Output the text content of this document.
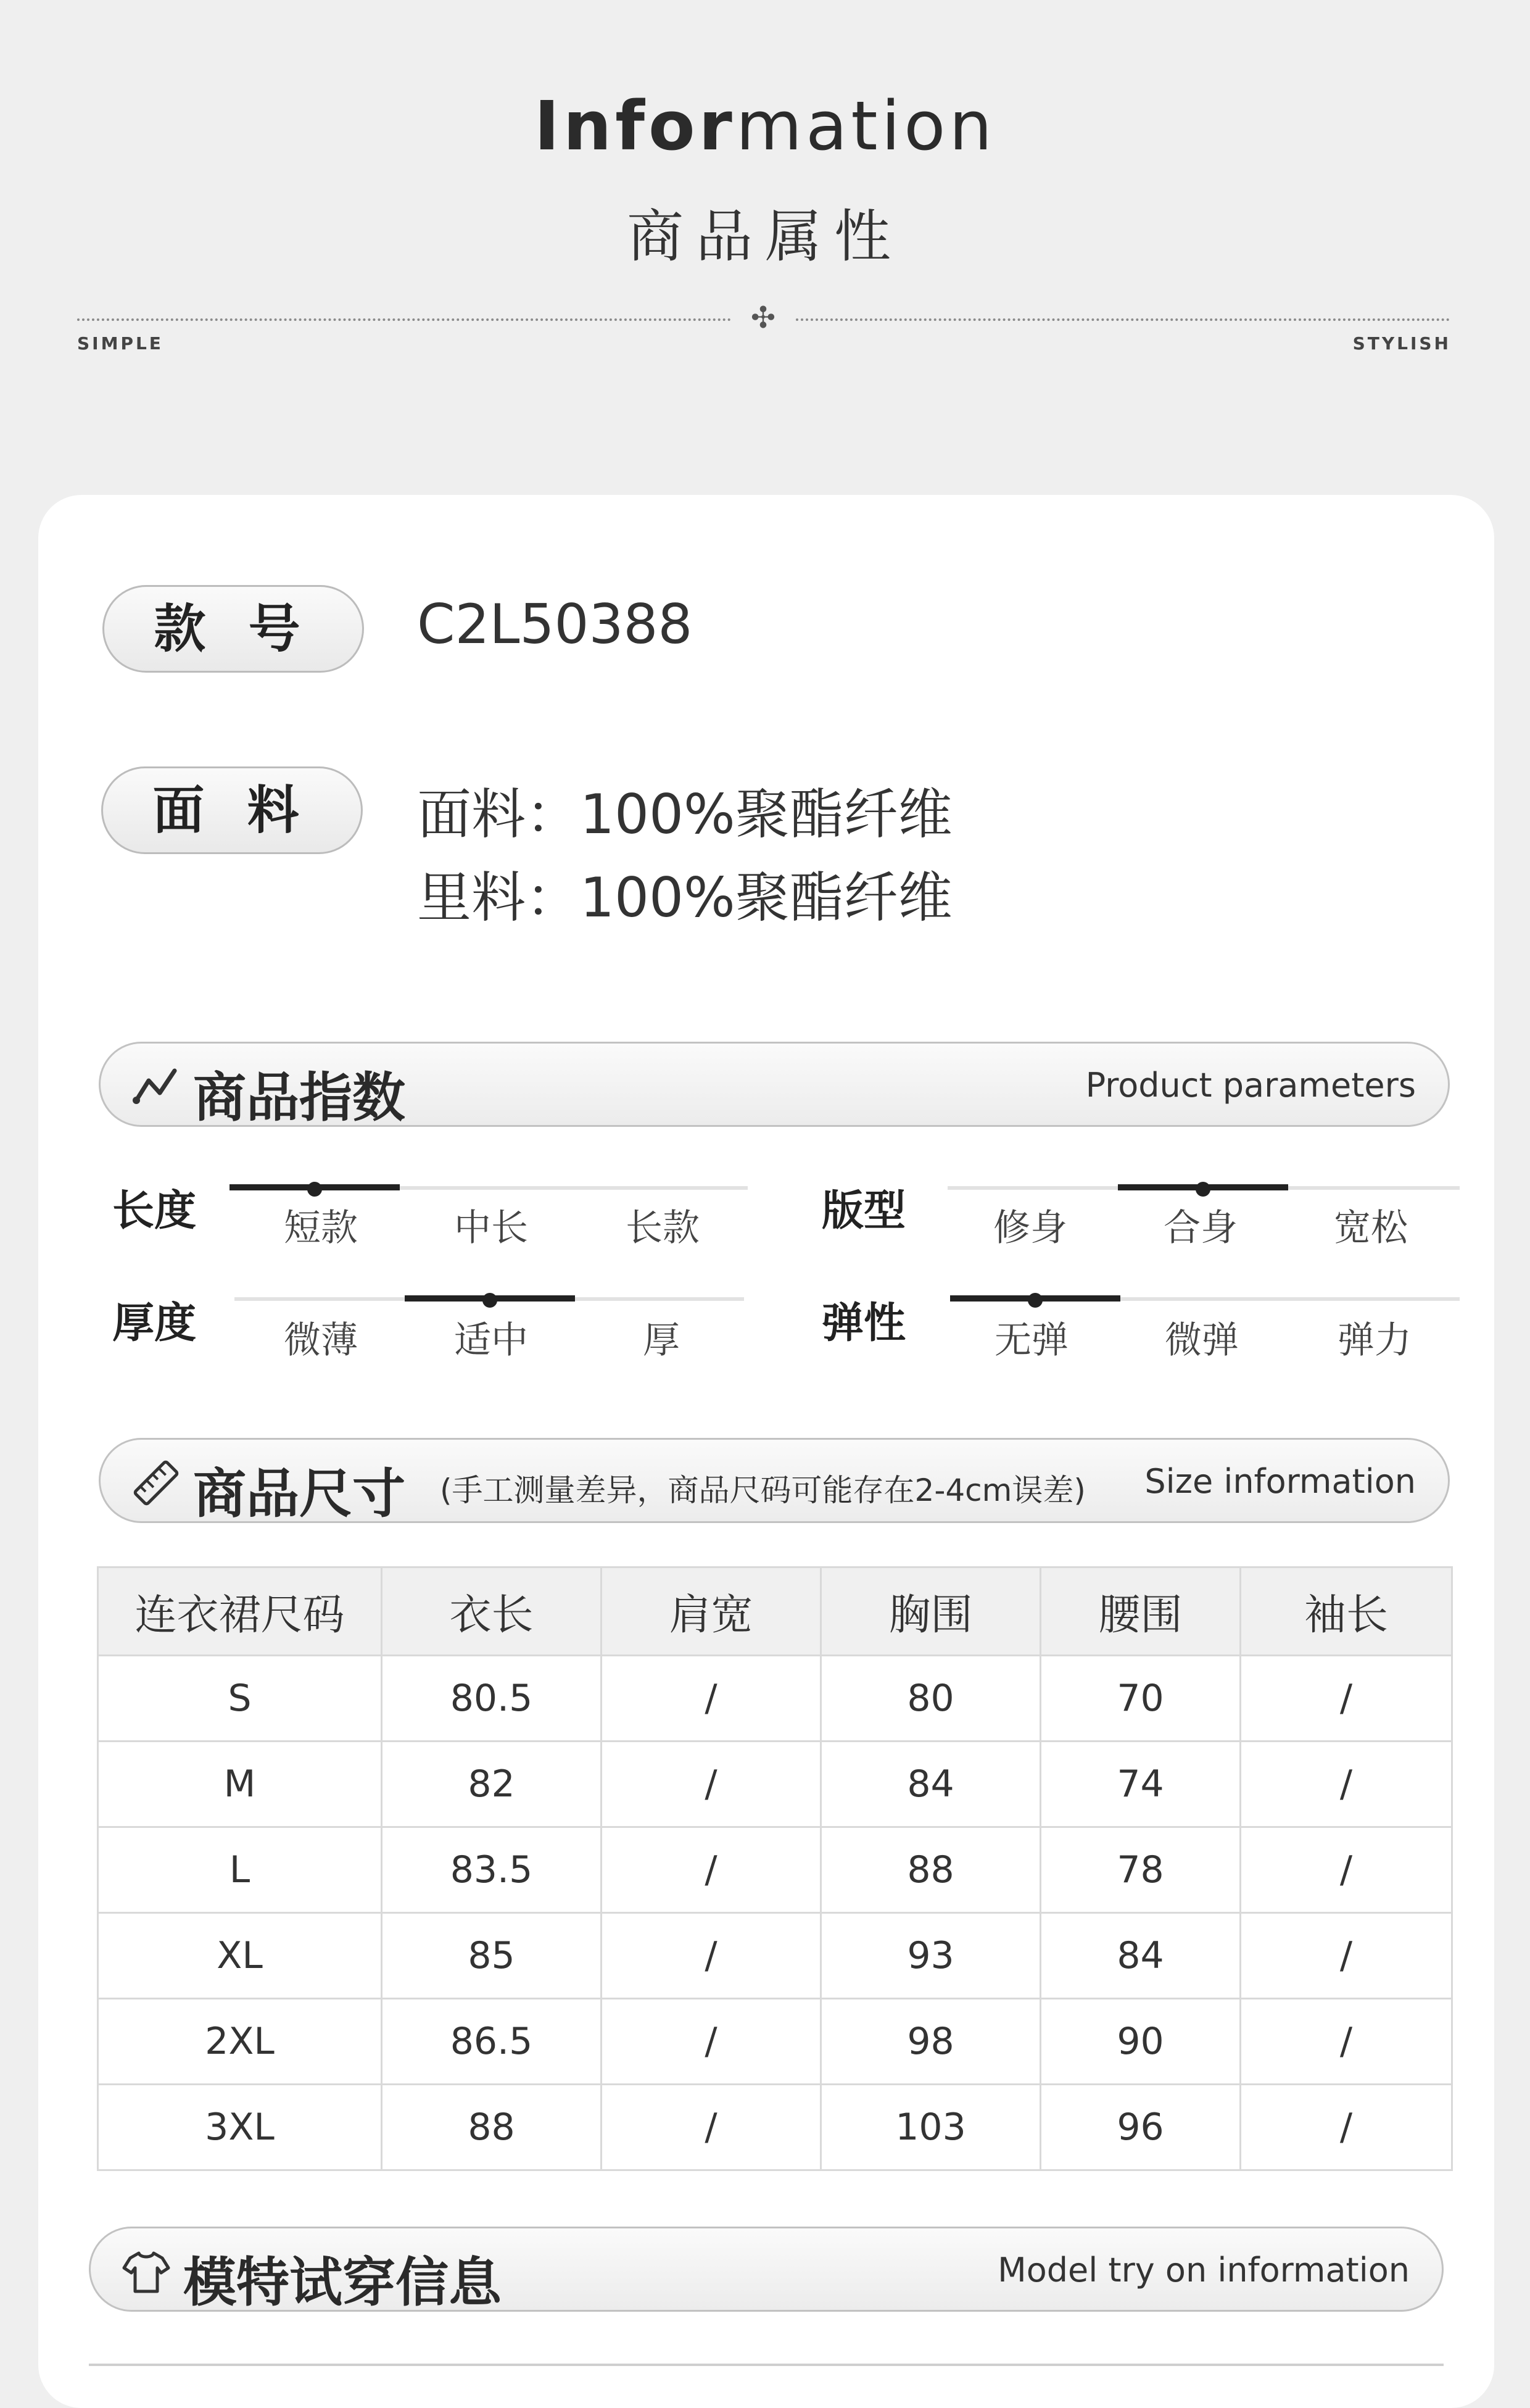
Information
商品属性
✣
SIMPLE	STYLISH
款 号	C2L50388
面 料	面料：100%聚酯纤维
里料：100%聚酯纤维
商品指数	Product parameters
长度	短款	中长	长款	版型	修身	合身	宽松
厚度	微薄	适中	厚	弹性	无弹	微弹	弹力
商品尺寸 (手工测量差异，商品尺码可能存在2-4cm误差) Size information
连衣裙尺码	衣长	肩宽	胸围	腰围	袖长
S	80.5	/	80	70	/
M	82	/	84	74	/
L	83.5	/	88	78	/
XL	85	/	93	84	/
2XL	86.5	/	98	90	/
3XL	88	/	103	96	/
模特试穿信息	Model try on information
